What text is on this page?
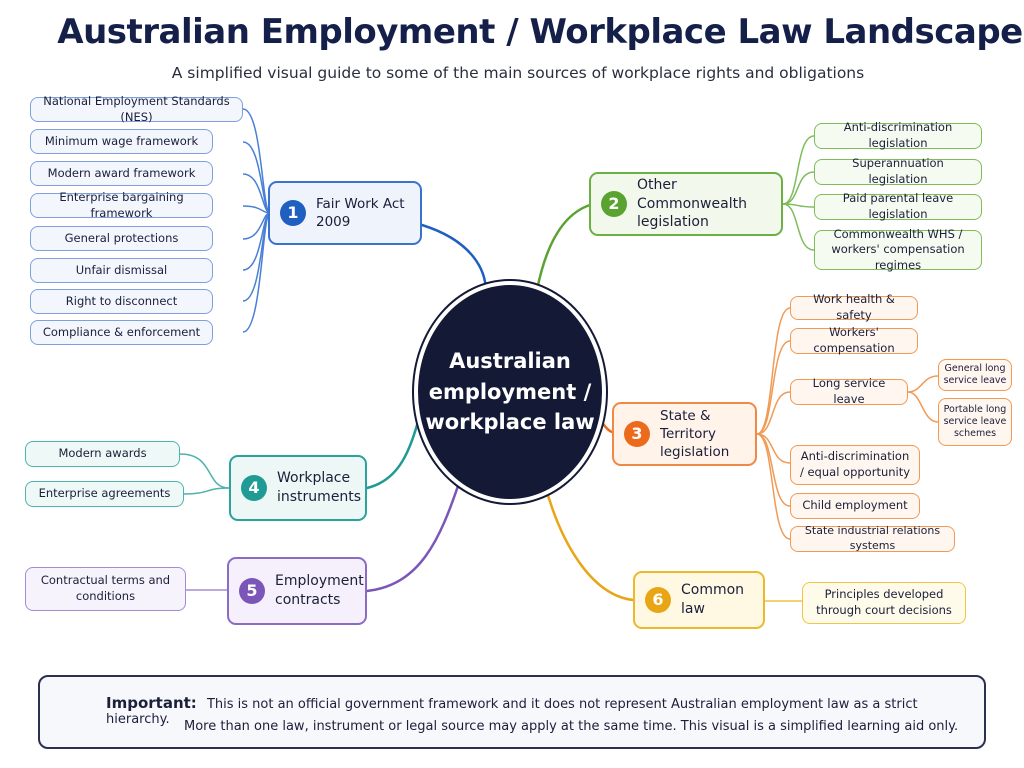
Australian Employment / Workplace Law Landscape
A simplified visual guide to some of the main sources of workplace rights and obligations
Australian
employment /
workplace law
1	Fair Work Act 2009
National Employment Standards (NES)
Minimum wage framework
Modern award framework
Enterprise bargaining framework
General protections
Unfair dismissal
Right to disconnect
Compliance & enforcement
2
Other Commonwealth legislation
Anti-discrimination legislation
Superannuation legislation
Paid parental leave legislation
Commonwealth WHS / workers' compensation regimes
3
State & Territory legislation
Work health & safety
Workers' compensation
Long service leave
General long service leave
Portable long service leave schemes
Anti-discrimination / equal opportunity
Child employment
State industrial relations systems
4
Workplace instruments
Modern awards
Enterprise agreements
5
Employment contracts
Contractual terms and conditions	6
Common law
Principles developed through court decisions
Important: This is not an official government framework and it does not represent Australian employment law as a strict hierarchy.	More than one law, instrument or legal source may apply at the same time. This visual is a simplified learning aid only.
